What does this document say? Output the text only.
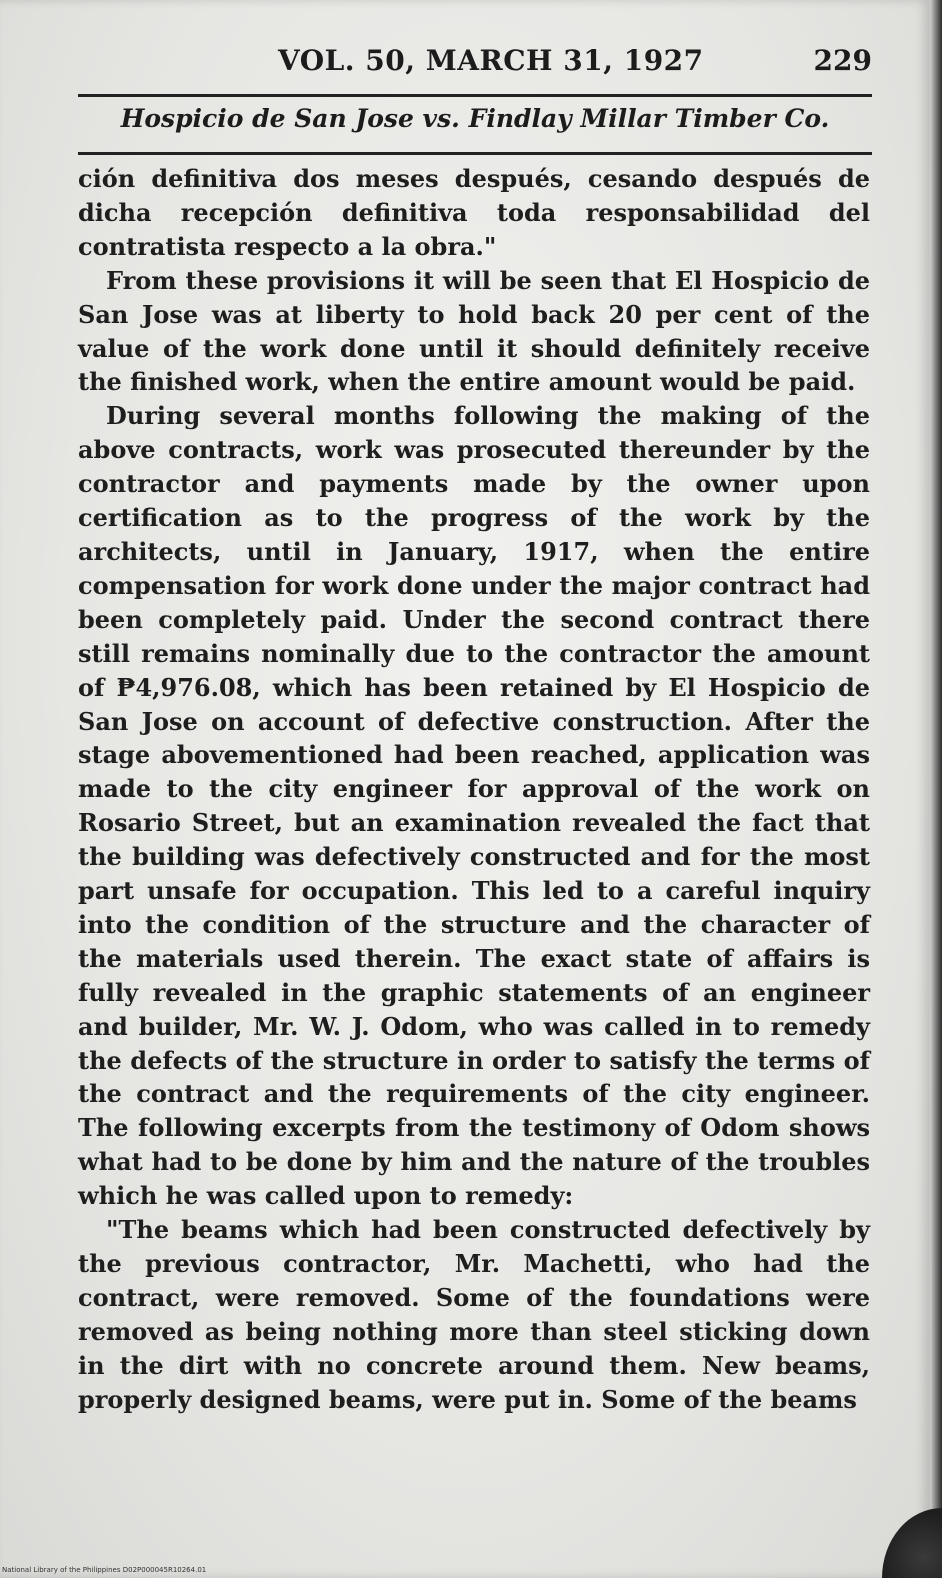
VOL. 50, MARCH 31, 1927	229
Hospicio de San Jose vs. Findlay Millar Timber Co.

ción definitiva dos meses después, cesando después de dicha recepción definitiva toda responsabilidad del contratista respecto a la obra."

From these provisions it will be seen that El Hospicio de San Jose was at liberty to hold back 20 per cent of the value of the work done until it should definitely receive the finished work, when the entire amount would be paid.

During several months following the making of the above contracts, work was prosecuted thereunder by the contractor and payments made by the owner upon certification as to the progress of the work by the architects, until in January, 1917, when the entire compensation for work done under the major contract had been completely paid. Under the second contract there still remains nominally due to the contractor the amount of ₱4,976.08, which has been retained by El Hospicio de San Jose on account of defective construction. After the stage abovementioned had been reached, application was made to the city engineer for approval of the work on Rosario Street, but an examination revealed the fact that the building was defectively constructed and for the most part unsafe for occupation. This led to a careful inquiry into the condition of the structure and the character of the materials used therein. The exact state of affairs is fully revealed in the graphic statements of an engineer and builder, Mr. W. J. Odom, who was called in to remedy the defects of the structure in order to satisfy the terms of the contract and the requirements of the city engineer. The following excerpts from the testimony of Odom shows what had to be done by him and the nature of the troubles which he was called upon to remedy:

"The beams which had been constructed defectively by the previous contractor, Mr. Machetti, who had the contract, were removed. Some of the foundations were removed as being nothing more than steel sticking down in the dirt with no concrete around them. New beams, properly designed beams, were put in. Some of the beams

National Library of the Philippines D02P000045R10264.01
